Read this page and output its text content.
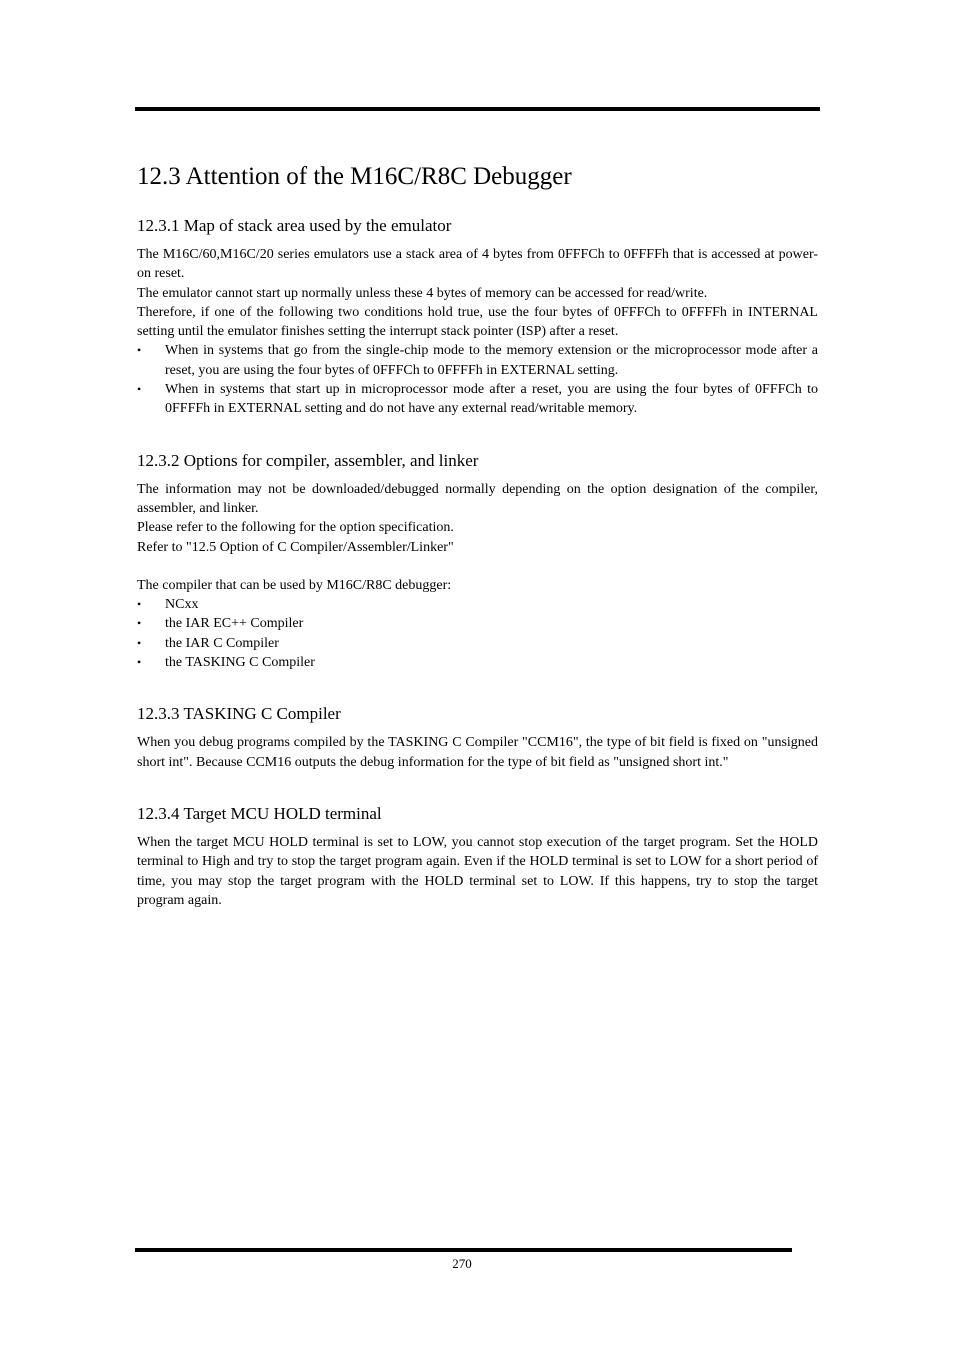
12.3 Attention of the M16C/R8C Debugger
12.3.1 Map of stack area used by the emulator

The M16C/60,M16C/20 series emulators use a stack area of 4 bytes from 0FFFCh to 0FFFFh that is accessed at power-on reset.

The emulator cannot start up normally unless these 4 bytes of memory can be accessed for read/write.

Therefore, if one of the following two conditions hold true, use the four bytes of 0FFFCh to 0FFFFh in INTERNAL setting until the emulator finishes setting the interrupt stack pointer (ISP) after a reset.

• When in systems that go from the single-chip mode to the memory extension or the microprocessor mode after a reset, you are using the four bytes of 0FFFCh to 0FFFFh in EXTERNAL setting.
• When in systems that start up in microprocessor mode after a reset, you are using the four bytes of 0FFFCh to 0FFFFh in EXTERNAL setting and do not have any external read/writable memory.
12.3.2 Options for compiler, assembler, and linker

The information may not be downloaded/debugged normally depending on the option designation of the compiler, assembler, and linker.

Please refer to the following for the option specification.

Refer to "12.5 Option of C Compiler/Assembler/Linker"

The compiler that can be used by M16C/R8C debugger:

• NCxx
• the IAR EC++ Compiler
• the IAR C Compiler
• the TASKING C Compiler
12.3.3 TASKING C Compiler

When you debug programs compiled by the TASKING C Compiler "CCM16", the type of bit field is fixed on "unsigned short int". Because CCM16 outputs the debug information for the type of bit field as "unsigned short int."

12.3.4 Target MCU HOLD terminal

When the target MCU HOLD terminal is set to LOW, you cannot stop execution of the target program. Set the HOLD terminal to High and try to stop the target program again. Even if the HOLD terminal is set to LOW for a short period of time, you may stop the target program with the HOLD terminal set to LOW. If this happens, try to stop the target program again.

270
